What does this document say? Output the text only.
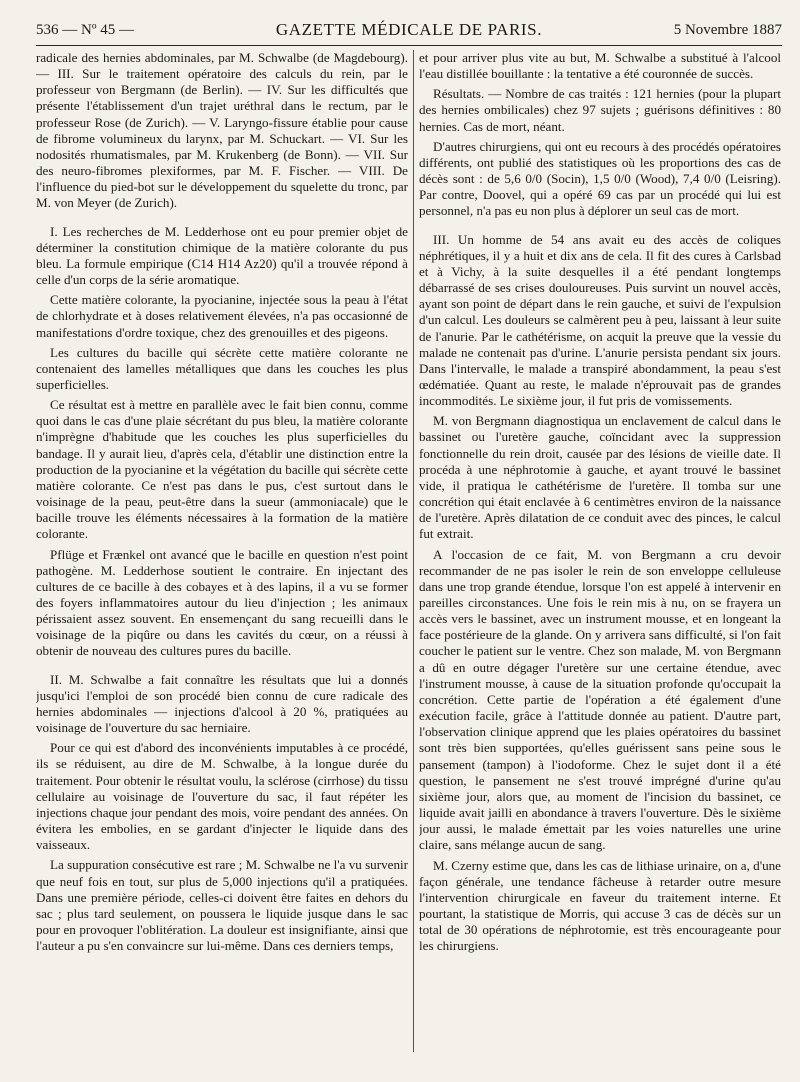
536 — Nº 45 —	GAZETTE MÉDICALE DE PARIS.	5 Novembre 1887

radicale des hernies abdominales, par M. Schwalbe (de Magdebourg). — III. Sur le traitement opératoire des calculs du rein, par le professeur von Bergmann (de Berlin). — IV. Sur les difficultés que présente l'établissement d'un trajet uréthral dans le rectum, par le professeur Rose (de Zurich). — V. Laryngo-fissure établie pour cause de fibrome volumineux du larynx, par M. Schuckart. — VI. Sur les nodosités rhumatismales, par M. Krukenberg (de Bonn). — VII. Sur des neuro-fibromes plexiformes, par M. F. Fischer. — VIII. De l'influence du pied-bot sur le développement du squelette du tronc, par M. von Meyer (de Zurich).

I. Les recherches de M. Ledderhose ont eu pour premier objet de déterminer la constitution chimique de la matière colorante du pus bleu. La formule empirique (C14 H14 Az20) qu'il a trouvée répond à celle d'un corps de la série aromatique.

Cette matière colorante, la pyocianine, injectée sous la peau à l'état de chlorhydrate et à doses relativement élevées, n'a pas occasionné de manifestations d'ordre toxique, chez des grenouilles et des pigeons.

Les cultures du bacille qui sécrète cette matière colorante ne contenaient des lamelles métalliques que dans les couches les plus superficielles.

Ce résultat est à mettre en parallèle avec le fait bien connu, comme quoi dans le cas d'une plaie sécrétant du pus bleu, la matière colorante n'imprègne d'habitude que les couches les plus superficielles du bandage. Il y aurait lieu, d'après cela, d'établir une distinction entre la production de la pyocianine et la végétation du bacille qui sécrète cette matière colorante. Ce n'est pas dans le pus, c'est surtout dans le voisinage de la peau, peut-être dans la sueur (ammoniacale) que le bacille trouve les éléments nécessaires à la formation de la matière colorante.

Pflüge et Frænkel ont avancé que le bacille en question n'est point pathogène. M. Ledderhose soutient le contraire. En injectant des cultures de ce bacille à des cobayes et à des lapins, il a vu se former des foyers inflammatoires autour du lieu d'injection ; les animaux périssaient assez souvent. En ensemençant du sang recueilli dans le voisinage de la piqûre ou dans les cavités du cœur, on a réussi à obtenir de nouveau des cultures pures du bacille.

II. M. Schwalbe a fait connaître les résultats que lui a donnés jusqu'ici l'emploi de son procédé bien connu de cure radicale des hernies abdominales — injections d'alcool à 20 %, pratiquées au voisinage de l'ouverture du sac herniaire.

Pour ce qui est d'abord des inconvénients imputables à ce procédé, ils se réduisent, au dire de M. Schwalbe, à la longue durée du traitement. Pour obtenir le résultat voulu, la sclérose (cirrhose) du tissu cellulaire au voisinage de l'ouverture du sac, il faut répéter les injections chaque jour pendant des mois, voire pendant des années. On évitera les embolies, en se gardant d'injecter le liquide dans des vaisseaux.

La suppuration consécutive est rare ; M. Schwalbe ne l'a vu survenir que neuf fois en tout, sur plus de 5,000 injections qu'il a pratiquées. Dans une première période, celles-ci doivent être faites en dehors du sac ; plus tard seulement, on poussera le liquide jusque dans le sac pour en provoquer l'oblitération. La douleur est insignifiante, ainsi que l'auteur a pu s'en convaincre sur lui-même. Dans ces derniers temps,

et pour arriver plus vite au but, M. Schwalbe a substitué à l'alcool l'eau distillée bouillante : la tentative a été couronnée de succès.

Résultats. — Nombre de cas traités : 121 hernies (pour la plupart des hernies ombilicales) chez 97 sujets ; guérisons définitives : 80 hernies. Cas de mort, néant.

D'autres chirurgiens, qui ont eu recours à des procédés opératoires différents, ont publié des statistiques où les proportions des cas de décès sont : de 5,6 0/0 (Socin), 1,5 0/0 (Wood), 7,4 0/0 (Leisring). Par contre, Doovel, qui a opéré 69 cas par un procédé qui lui est personnel, n'a pas eu non plus à déplorer un seul cas de mort.

III. Un homme de 54 ans avait eu des accès de coliques néphrétiques, il y a huit et dix ans de cela. Il fit des cures à Carlsbad et à Vichy, à la suite desquelles il a été pendant longtemps débarrassé de ses crises douloureuses. Puis survint un nouvel accès, ayant son point de départ dans le rein gauche, et suivi de l'expulsion d'un calcul. Les douleurs se calmèrent peu à peu, laissant à leur suite de l'anurie. Par le cathétérisme, on acquit la preuve que la vessie du malade ne contenait pas d'urine. L'anurie persista pendant six jours. Dans l'intervalle, le malade a transpiré abondamment, la peau s'est œdématiée. Quant au reste, le malade n'éprouvait pas de grandes incommodités. Le sixième jour, il fut pris de vomissements.

M. von Bergmann diagnostiqua un enclavement de calcul dans le bassinet ou l'uretère gauche, coïncidant avec la suppression fonctionnelle du rein droit, causée par des lésions de vieille date. Il procéda à une néphrotomie à gauche, et ayant trouvé le bassinet vide, il pratiqua le cathétérisme de l'uretère. Il tomba sur une concrétion qui était enclavée à 6 centimètres environ de la naissance de l'uretère. Après dilatation de ce conduit avec des pinces, le calcul fut extrait.

A l'occasion de ce fait, M. von Bergmann a cru devoir recommander de ne pas isoler le rein de son enveloppe celluleuse dans une trop grande étendue, lorsque l'on est appelé à intervenir en pareilles circonstances. Une fois le rein mis à nu, on se frayera un accès vers le bassinet, avec un instrument mousse, et en longeant la face postérieure de la glande. On y arrivera sans difficulté, si l'on fait coucher le patient sur le ventre. Chez son malade, M. von Bergmann a dû en outre dégager l'uretère sur une certaine étendue, avec l'instrument mousse, à cause de la situation profonde qu'occupait la concrétion. Cette partie de l'opération a été également d'une exécution facile, grâce à l'attitude donnée au patient. D'autre part, l'observation clinique apprend que les plaies opératoires du bassinet sont très bien supportées, qu'elles guérissent sans peine sous le pansement (tampon) à l'iodoforme. Chez le sujet dont il a été question, le pansement ne s'est trouvé imprégné d'urine qu'au sixième jour, alors que, au moment de l'incision du bassinet, ce liquide avait jailli en abondance à travers l'ouverture. Dès le sixième jour aussi, le malade émettait par les voies naturelles une urine claire, sans mélange aucun de sang.

M. Czerny estime que, dans les cas de lithiase urinaire, on a, d'une façon générale, une tendance fâcheuse à retarder outre mesure l'intervention chirurgicale en faveur du traitement interne. Et pourtant, la statistique de Morris, qui accuse 3 cas de décès sur un total de 30 opérations de néphrotomie, est très encourageante pour les chirurgiens.
